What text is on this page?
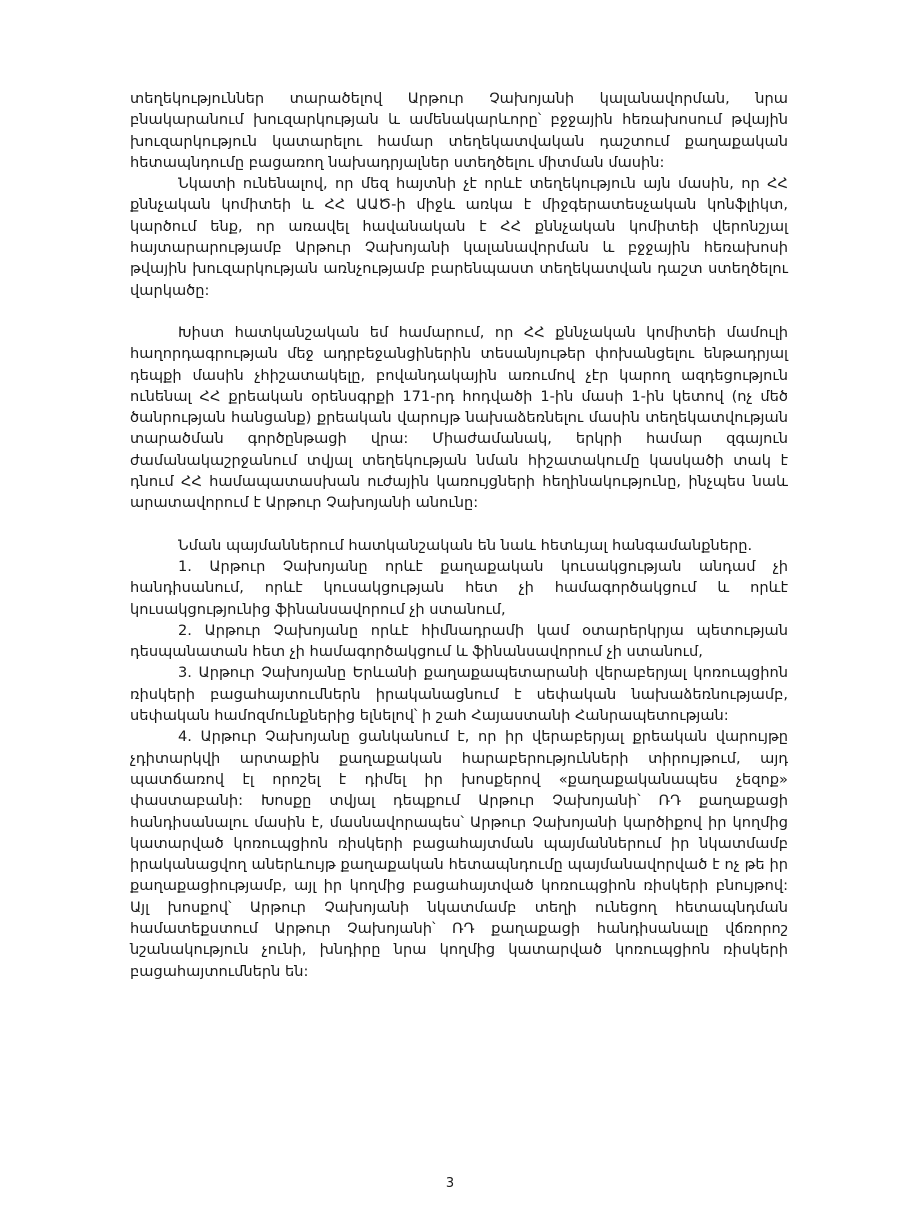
տեղեկություններ տարածելով Արթուր Չախոյանի կալանավորման, նրա բնակարանում խուզարկության և ամենակարևորը՝ բջջային հեռախոսում թվային խուզարկություն կատարելու համար տեղեկատվական դաշտում քաղաքական հետապնդումը բացառող նախադրյալներ ստեղծելու միտման մասին:

Նկատի ունենալով, որ մեզ հայտնի չէ որևէ տեղեկություն այն մասին, որ ՀՀ քննչական կոմիտեի և ՀՀ ԱԱԾ-ի միջև առկա է միջգերատեսչական կոնֆլիկտ, կարծում ենք, որ առավել հավանական է ՀՀ քննչական կոմիտեի վերոնշյալ հայտարարությամբ Արթուր Չախոյանի կալանավորման և բջջային հեռախոսի թվային խուզարկության առնչությամբ բարենպաստ տեղեկատվան դաշտ ստեղծելու վարկածը:

Խիստ հատկանշական եմ համարում, որ ՀՀ քննչական կոմիտեի մամուլի հաղորդագրության մեջ ադրբեջանցիներին տեսանյութեր փոխանցելու ենթադրյալ դեպքի մասին չհիշատակելը, բովանդակային առումով չէր կարող ազդեցություն ունենալ ՀՀ քրեական օրենսգրքի 171-րդ հոդվածի 1-ին մասի 1-ին կետով (ոչ մեծ ծանրության հանցանք) քրեական վարույթ նախաձեռնելու մասին տեղեկատվության տարածման գործընթացի վրա: Միաժամանակ, երկրի համար զգայուն ժամանակաշրջանում տվյալ տեղեկության նման հիշատակումը կասկածի տակ է դնում ՀՀ համապատասխան ուժային կառույցների հեղինակությունը, ինչպես նաև արատավորում է Արթուր Չախոյանի անունը:

Նման պայմաններում հատկանշական են նաև հետևյալ հանգամանքները.

1. Արթուր Չախոյանը որևէ քաղաքական կուսակցության անդամ չի հանդիսանում, որևէ կուսակցության հետ չի համագործակցում և որևէ կուսակցությունից ֆինանսավորում չի ստանում,

2. Արթուր Չախոյանը որևէ հիմնադրամի կամ օտարերկրյա պետության դեսպանատան հետ չի համագործակցում և ֆինանսավորում չի ստանում,

3. Արթուր Չախոյանը Երևանի քաղաքապետարանի վերաբերյալ կոռուպցիոն ռիսկերի բացահայտումներն իրականացնում է սեփական նախաձեռնությամբ, սեփական համոզմունքներից ելնելով՝ ի շահ Հայաստանի Հանրապետության:

4. Արթուր Չախոյանը ցանկանում է, որ իր վերաբերյալ քրեական վարույթը չդիտարկվի արտաքին քաղաքական հարաբերությունների տիրույթում, այդ պատճառով էլ որոշել է դիմել իր խոսքերով «քաղաքականապես չեզոք» փաստաբանի: Խոսքը տվյալ դեպքում Արթուր Չախոյանի՝ ՌԴ քաղաքացի հանդիսանալու մասին է, մասնավորապես՝ Արթուր Չախոյանի կարծիքով իր կողմից կատարված կոռուպցիոն ռիսկերի բացահայտման պայմաններում իր նկատմամբ իրականացվող աներևույթ քաղաքական հետապնդումը պայմանավորված է ոչ թե իր քաղաքացիությամբ, այլ իր կողմից բացահայտված կոռուպցիոն ռիսկերի բնույթով: Այլ խոսքով՝ Արթուր Չախոյանի նկատմամբ տեղի ունեցող հետապնդման համատեքստում Արթուր Չախոյանի՝ ՌԴ քաղաքացի հանդիսանալը վճռորոշ նշանակություն չունի, խնդիրը նրա կողմից կատարված կոռուպցիոն ռիսկերի բացահայտումներն են:

3
